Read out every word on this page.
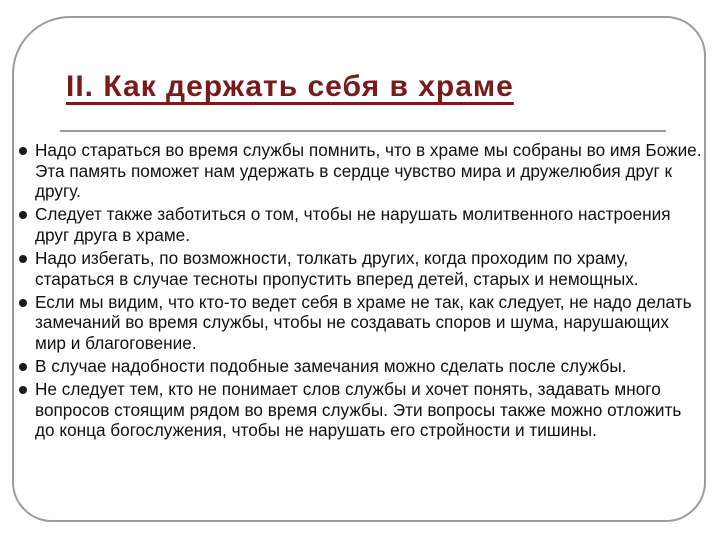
II. Как держать себя в храме
Надо стараться во время службы помнить, что в храме мы собраны во имя Божие. Эта память поможет нам удержать в сердце чувство мира и дружелюбия друг к другу.
Следует также заботиться о том, чтобы не нарушать молитвенного настроения друг друга в храме.
Надо избегать, по возможности, толкать других, когда проходим по храму, стараться в случае тесноты пропустить вперед детей, старых и немощных.
Если мы видим, что кто-то ведет себя в храме не так, как следует, не надо делать замечаний во время службы, чтобы не создавать споров и шума, нарушающих мир и благоговение.
В случае надобности подобные замечания можно сделать после службы.
Не следует тем, кто не понимает слов службы и хочет понять, задавать много вопросов стоящим рядом во время службы. Эти вопросы также можно отложить до конца богослужения, чтобы не нарушать его стройности и тишины.
